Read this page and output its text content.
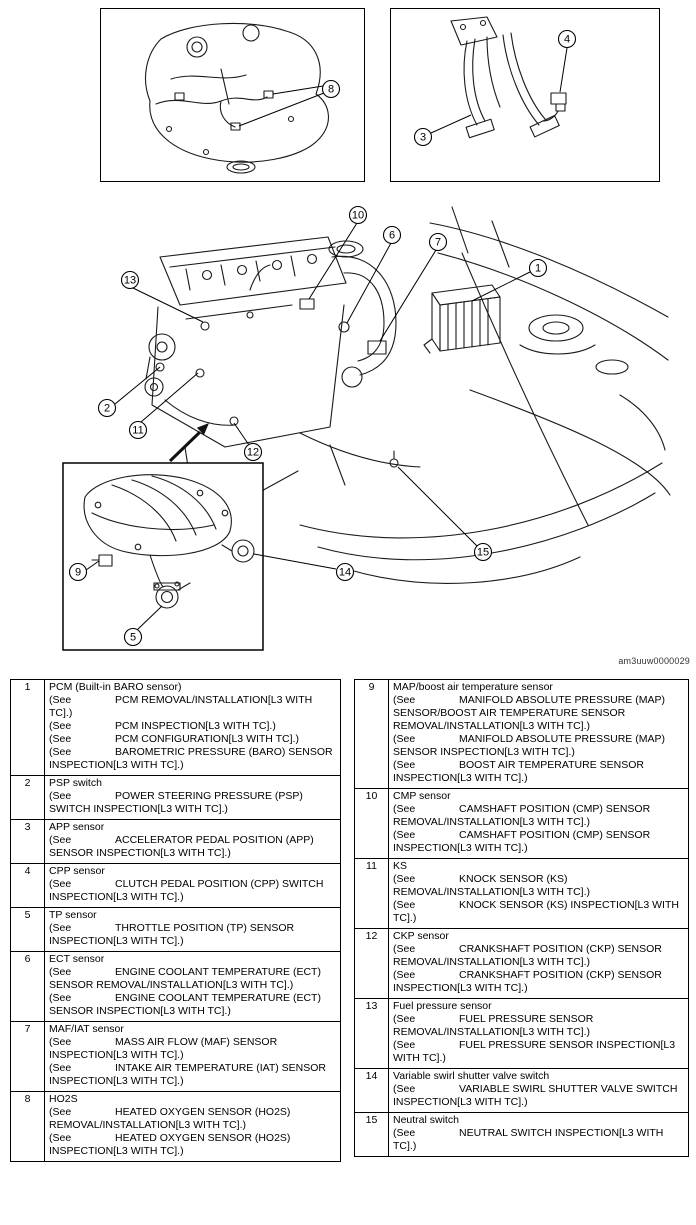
8
3
4
1
2
6
7
10
11
12
13
15
5
9	14
am3uuw0000029
1	PCM (Built-in BARO sensor)
(See	PCM REMOVAL/INSTALLATION[L3 WITH TC].)
(See	PCM INSPECTION[L3 WITH TC].)
(See	PCM CONFIGURATION[L3 WITH TC].)
(See	BAROMETRIC PRESSURE (BARO) SENSOR INSPECTION[L3 WITH TC].)

2	PSP switch
(See	POWER STEERING PRESSURE (PSP) SWITCH INSPECTION[L3 WITH TC].)

3	APP sensor
(See	ACCELERATOR PEDAL POSITION (APP) SENSOR INSPECTION[L3 WITH TC].)

4	CPP sensor
(See	CLUTCH PEDAL POSITION (CPP) SWITCH INSPECTION[L3 WITH TC].)

5	TP sensor
(See	THROTTLE POSITION (TP) SENSOR INSPECTION[L3 WITH TC].)

6	ECT sensor
(See	ENGINE COOLANT TEMPERATURE (ECT) SENSOR REMOVAL/INSTALLATION[L3 WITH TC].)
(See	ENGINE COOLANT TEMPERATURE (ECT) SENSOR INSPECTION[L3 WITH TC].)

7	MAF/IAT sensor
(See	MASS AIR FLOW (MAF) SENSOR INSPECTION[L3 WITH TC].)
(See	INTAKE AIR TEMPERATURE (IAT) SENSOR INSPECTION[L3 WITH TC].)

8	HO2S
(See	HEATED OXYGEN SENSOR (HO2S) REMOVAL/INSTALLATION[L3 WITH TC].)
(See	HEATED OXYGEN SENSOR (HO2S) INSPECTION[L3 WITH TC].)
9	MAP/boost air temperature sensor
(See	MANIFOLD ABSOLUTE PRESSURE (MAP) SENSOR/BOOST AIR TEMPERATURE SENSOR REMOVAL/INSTALLATION[L3 WITH TC].)
(See	MANIFOLD ABSOLUTE PRESSURE (MAP) SENSOR INSPECTION[L3 WITH TC].)
(See	BOOST AIR TEMPERATURE SENSOR INSPECTION[L3 WITH TC].)

10	CMP sensor
(See	CAMSHAFT POSITION (CMP) SENSOR REMOVAL/INSTALLATION[L3 WITH TC].)
(See	CAMSHAFT POSITION (CMP) SENSOR INSPECTION[L3 WITH TC].)

11	KS
(See	KNOCK SENSOR (KS) REMOVAL/INSTALLATION[L3 WITH TC].)
(See	KNOCK SENSOR (KS) INSPECTION[L3 WITH TC].)

12	CKP sensor
(See	CRANKSHAFT POSITION (CKP) SENSOR REMOVAL/INSTALLATION[L3 WITH TC].)
(See	CRANKSHAFT POSITION (CKP) SENSOR INSPECTION[L3 WITH TC].)

13	Fuel pressure sensor
(See	FUEL PRESSURE SENSOR REMOVAL/INSTALLATION[L3 WITH TC].)
(See	FUEL PRESSURE SENSOR INSPECTION[L3 WITH TC].)

14	Variable swirl shutter valve switch
(See	VARIABLE SWIRL SHUTTER VALVE SWITCH INSPECTION[L3 WITH TC].)

15	Neutral switch
(See	NEUTRAL SWITCH INSPECTION[L3 WITH TC].)
